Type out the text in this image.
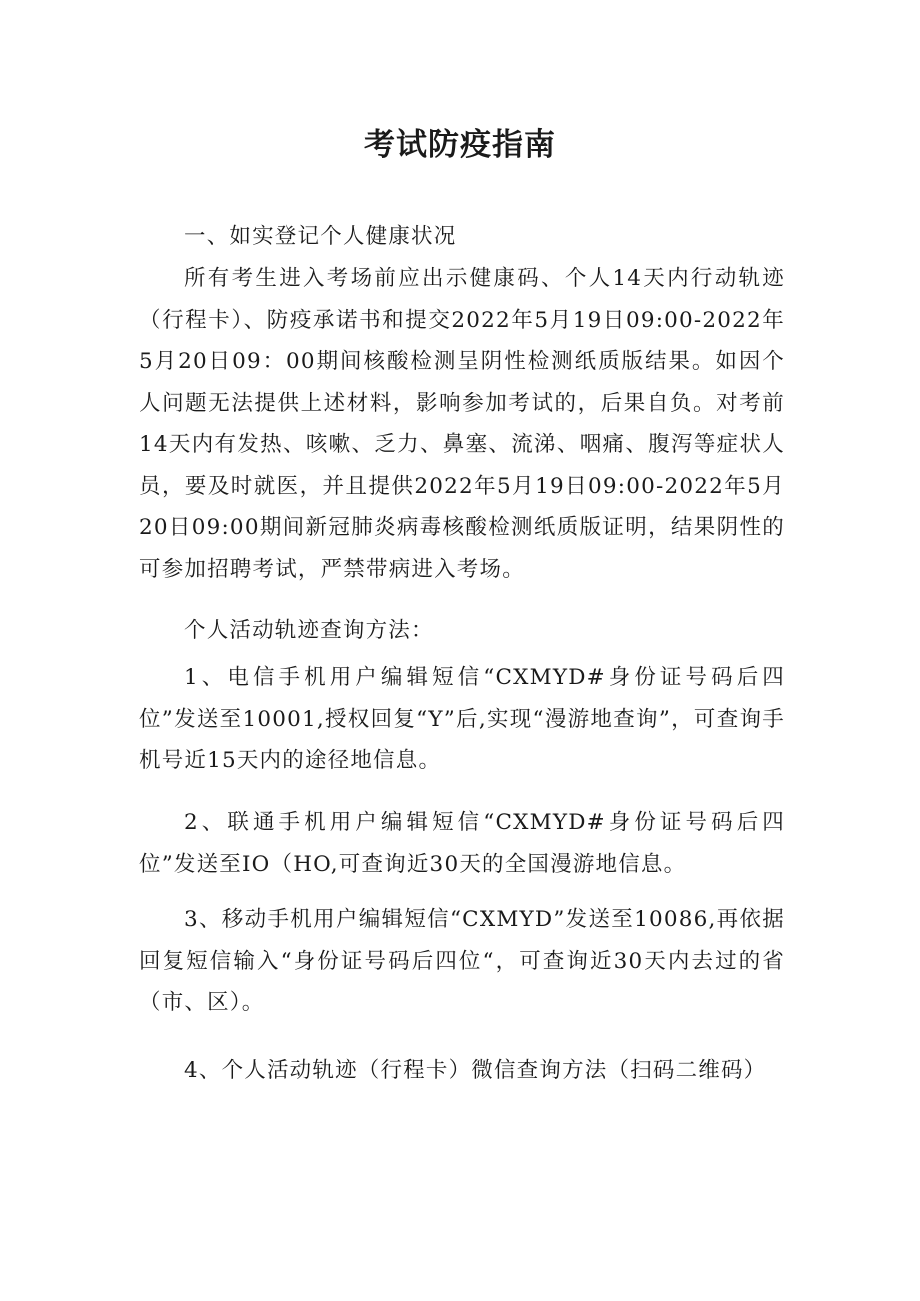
考试防疫指南

一、如实登记个人健康状况

所有考生进入考场前应出示健康码、个人14天内行动轨迹（行程卡）、防疫承诺书和提交2022年5月19日09:00-2022年5月20日09：00期间核酸检测呈阴性检测纸质版结果。如因个人问题无法提供上述材料，影响参加考试的，后果自负。对考前14天内有发热、咳嗽、乏力、鼻塞、流涕、咽痛、腹泻等症状人员，要及时就医，并且提供2022年5月19日09:00-2022年5月20日09:00期间新冠肺炎病毒核酸检测纸质版证明，结果阴性的可参加招聘考试，严禁带病进入考场。

个人活动轨迹查询方法：

1、电信手机用户编辑短信“CXMYD#身份证号码后四位”发送至10001,授权回复“Y”后,实现“漫游地查询”，可查询手机号近15天内的途径地信息。

2、联通手机用户编辑短信“CXMYD#身份证号码后四位”发送至IO（HO,可查询近30天的全国漫游地信息。

3、移动手机用户编辑短信“CXMYD”发送至10086,再依据回复短信输入“身份证号码后四位“，可查询近30天内去过的省（市、区）。

4、个人活动轨迹（行程卡）微信查询方法（扫码二维码）
